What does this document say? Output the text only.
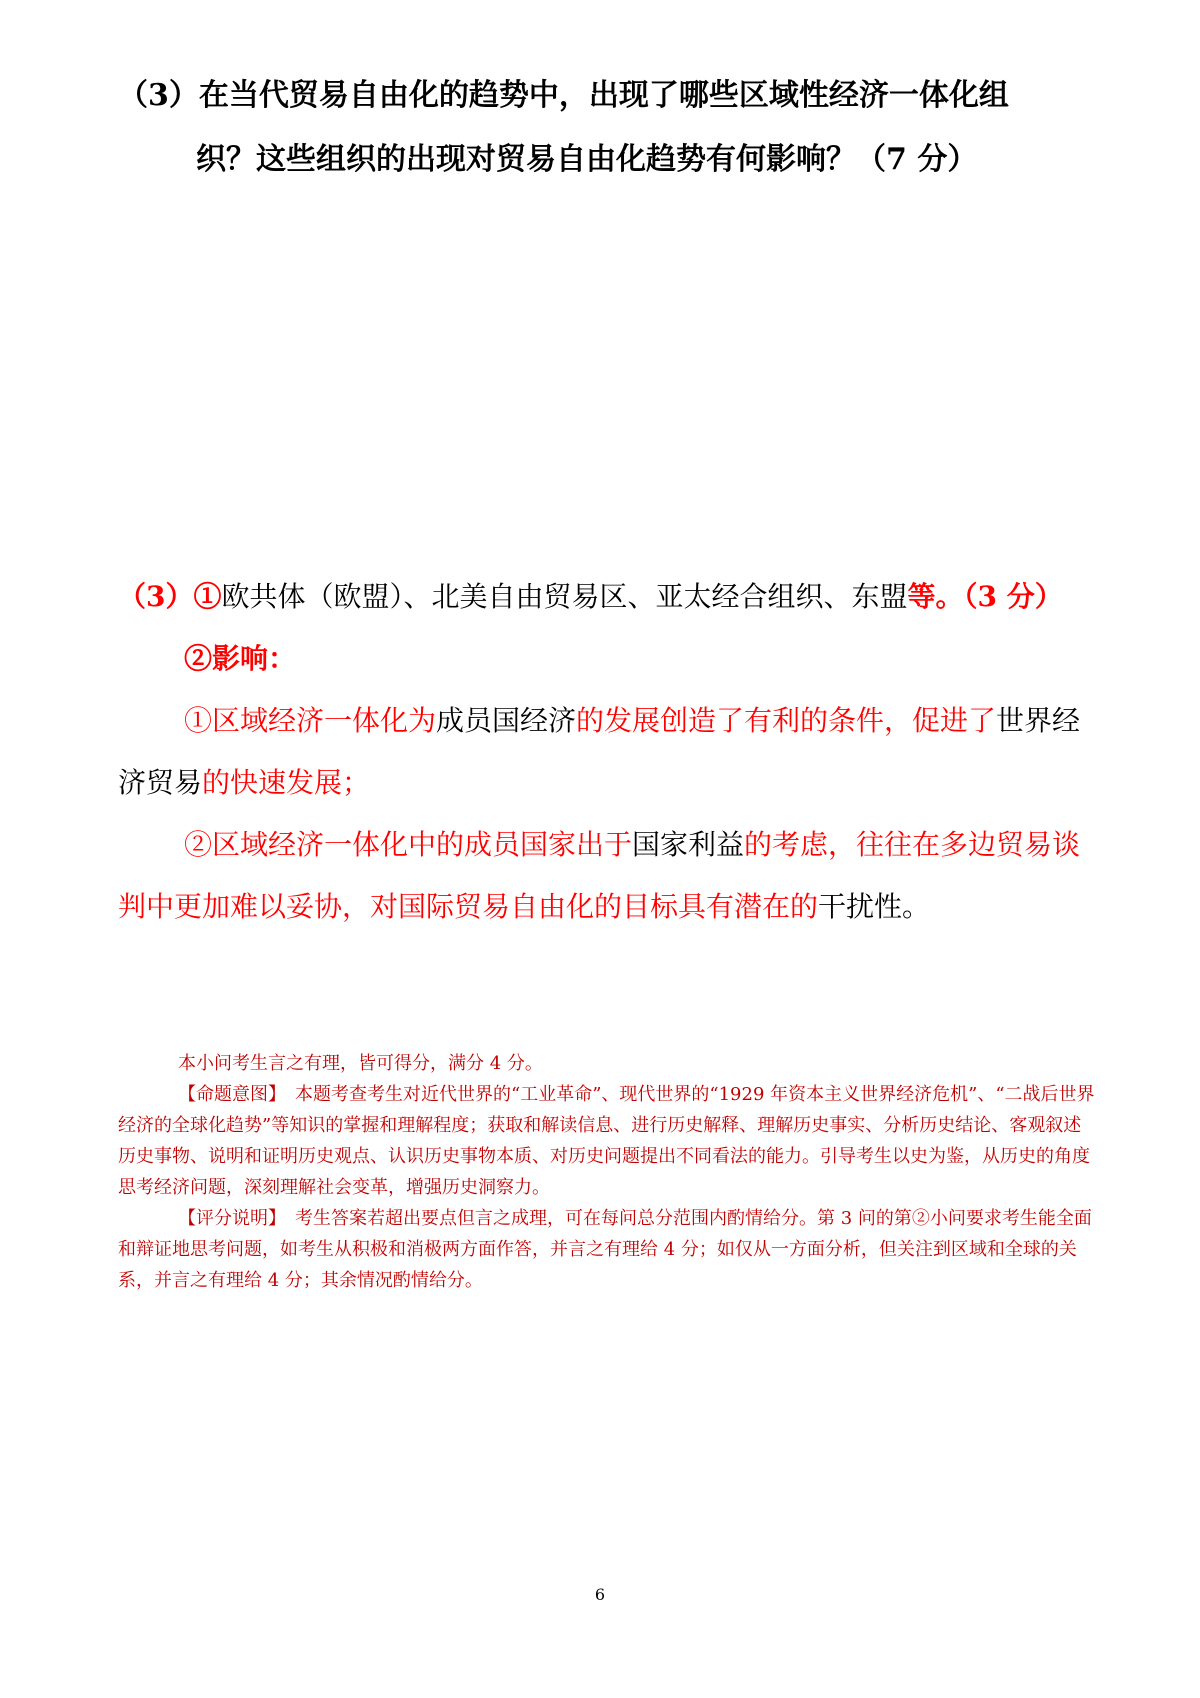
（3）在当代贸易自由化的趋势中，出现了哪些区域性经济一体化组
织？这些组织的出现对贸易自由化趋势有何影响？（7 分）
（3）①欧共体（欧盟）、北美自由贸易区、亚太经合组织、东盟等。（3 分）
②影响：
①区域经济一体化为成员国经济的发展创造了有利的条件，促进了世界经济贸易的快速发展；
②区域经济一体化中的成员国家出于国家利益的考虑，往往在多边贸易谈判中更加难以妥协，对国际贸易自由化的目标具有潜在的干扰性。
本小问考生言之有理，皆可得分，满分 4 分。
【命题意图】　本题考查考生对近代世界的“工业革命”、现代世界的“1929 年资本主义世界经济危机”、“二战后世界经济的全球化趋势”等知识的掌握和理解程度；获取和解读信息、进行历史解释、理解历史事实、分析历史结论、客观叙述历史事物、说明和证明历史观点、认识历史事物本质、对历史问题提出不同看法的能力。引导考生以史为鉴，从历史的角度思考经济问题，深刻理解社会变革，增强历史洞察力。
【评分说明】　考生答案若超出要点但言之成理，可在每问总分范围内酌情给分。第 3 问的第②小问要求考生能全面和辩证地思考问题，如考生从积极和消极两方面作答，并言之有理给 4 分；如仅从一方面分析，但关注到区域和全球的关系，并言之有理给 4 分；其余情况酌情给分。
6
